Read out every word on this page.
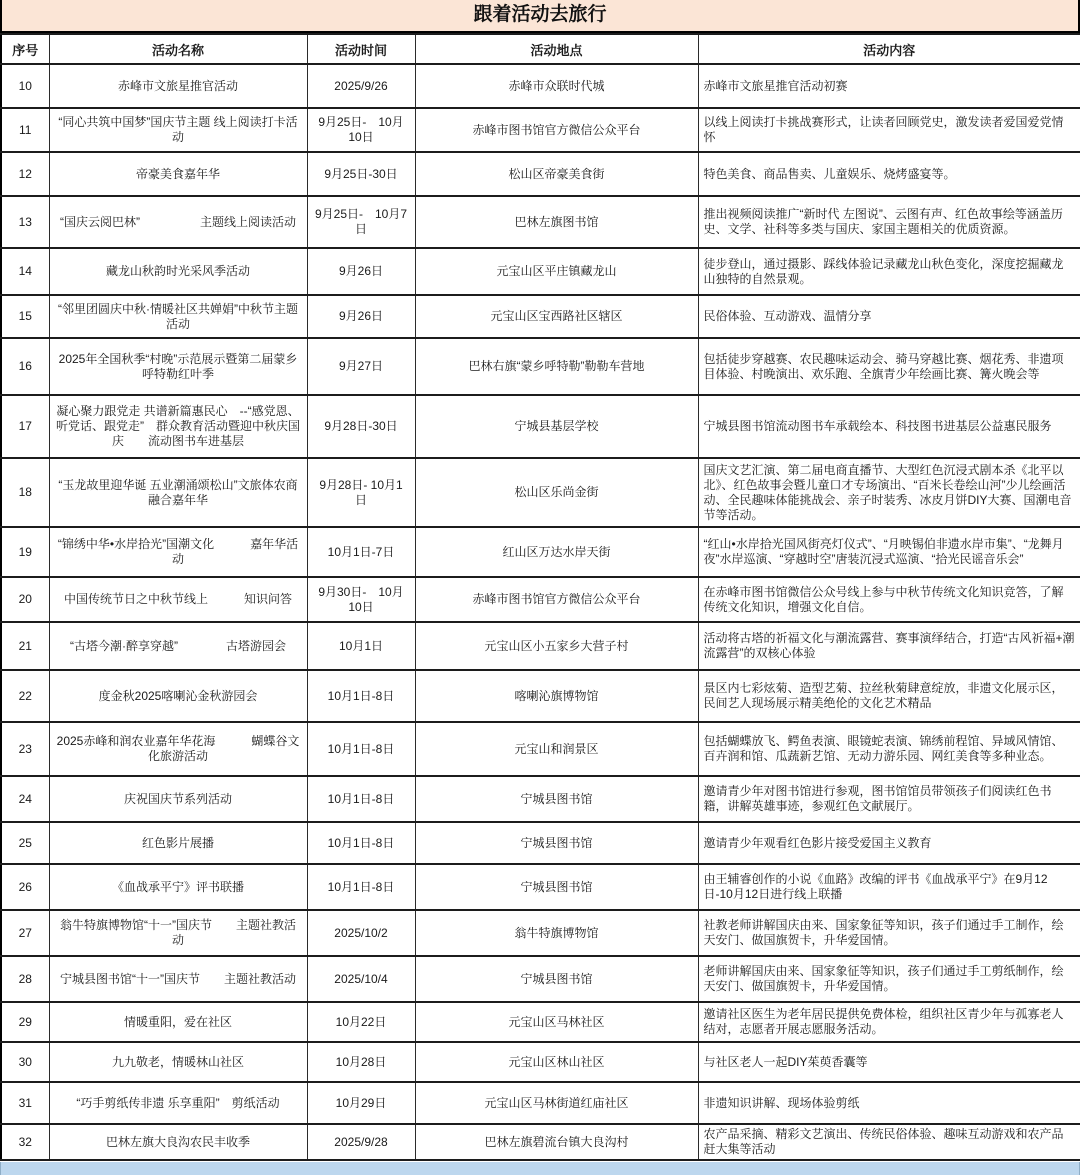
跟着活动去旅行
序号	活动名称	活动时间	活动地点	活动内容
10	赤峰市文旅星推官活动	2025/9/26	赤峰市众联时代城	赤峰市文旅星推官活动初赛
11	“同心共筑中国梦”国庆节主题 线上阅读打卡活动	9月25日-　10月10日	赤峰市图书馆官方微信公众平台	以线上阅读打卡挑战赛形式，让读者回顾党史，激发读者爱国爱党情怀
12	帝豪美食嘉年华	9月25日-30日	松山区帝豪美食街	特色美食、商品售卖、儿童娱乐、烧烤盛宴等。
13	“国庆云阅巴林”　　　　　主题线上阅读活动	9月25日-　10月7日	巴林左旗图书馆	推出视频阅读推广“新时代 左图说”、云图有声、红色故事绘等涵盖历史、文学、社科等多类与国庆、家国主题相关的优质资源。
14	藏龙山秋韵时光采风季活动	9月26日	元宝山区平庄镇藏龙山	徒步登山，通过摄影、踩线体验记录藏龙山秋色变化，深度挖掘藏龙山独特的自然景观。
15	“邻里团圆庆中秋·情暖社区共婵娟”中秋节主题活动	9月26日	元宝山区宝西路社区辖区	民俗体验、互动游戏、温情分享
16	2025年全国秋季“村晚”示范展示暨第二届蒙乡呼特勒红叶季	9月27日	巴林右旗“蒙乡呼特勒”勒勒车营地	包括徒步穿越赛、农民趣味运动会、骑马穿越比赛、烟花秀、非遗项目体验、村晚演出、欢乐跑、全旗青少年绘画比赛、篝火晚会等
17	凝心聚力跟党走 共谱新篇惠民心　--“感党恩、听党话、跟党走”　群众教育活动暨迎中秋庆国庆　　流动图书车进基层	9月28日-30日	宁城县基层学校	宁城县图书馆流动图书车承载绘本、科技图书进基层公益惠民服务
18	“玉龙故里迎华诞 五业潮涌颂松山”文旅体农商融合嘉年华	9月28日- 10月1日	松山区乐尚金街	国庆文艺汇演、第二届电商直播节、大型红色沉浸式剧本杀《北平以北》、红色故事会暨儿童口才专场演出、“百米长卷绘山河”少儿绘画活动、全民趣味体能挑战会、亲子时装秀、冰皮月饼DIY大赛、国潮电音节等活动。
19	“锦绣中华•水岸拾光”国潮文化　　　嘉年华活动	10月1日-7日	红山区万达水岸天街	“红山•水岸拾光国风街亮灯仪式”、“月映锡伯非遗水岸市集”、“龙舞月夜”水岸巡演、“穿越时空”唐装沉浸式巡演、“拾光民谣音乐会”
20	中国传统节日之中秋节线上　　　知识问答	9月30日-　10月10日	赤峰市图书馆官方微信公众平台	在赤峰市图书馆微信公众号线上参与中秋节传统文化知识竞答，了解传统文化知识，增强文化自信。
21	“古塔今潮·醉享穿越”　　　　古塔游园会	10月1日	元宝山区小五家乡大营子村	活动将古塔的祈福文化与潮流露营、赛事演绎结合，打造“古风祈福+潮流露营”的双核心体验
22	度金秋2025喀喇沁金秋游园会	10月1日-8日	喀喇沁旗博物馆	景区内七彩炫菊、造型艺菊、拉丝秋菊肆意绽放，非遗文化展示区，民间艺人现场展示精美绝伦的文化艺术精品
23	2025赤峰和润农业嘉年华花海　　　蝴蝶谷文化旅游活动	10月1日-8日	元宝山和润景区	包括蝴蝶放飞、鳄鱼表演、眼镜蛇表演、锦绣前程馆、异域风情馆、百卉润和馆、瓜蔬新艺馆、无动力游乐园、网红美食等多种业态。
24	庆祝国庆节系列活动	10月1日-8日	宁城县图书馆	邀请青少年对图书馆进行参观，图书馆馆员带领孩子们阅读红色书籍，讲解英雄事迹，参观红色文献展厅。
25	红色影片展播	10月1日-8日	宁城县图书馆	邀请青少年观看红色影片接受爱国主义教育
26	《血战承平宁》评书联播	10月1日-8日	宁城县图书馆	由王辅睿创作的小说《血路》改编的评书《血战承平宁》在9月12日-10月12日进行线上联播
27	翁牛特旗博物馆“十一”国庆节　　主题社教活动	2025/10/2	翁牛特旗博物馆	社教老师讲解国庆由来、国家象征等知识，孩子们通过手工制作，绘天安门、做国旗贺卡，升华爱国情。
28	宁城县图书馆“十一”国庆节　　主题社教活动	2025/10/4	宁城县图书馆	老师讲解国庆由来、国家象征等知识，孩子们通过手工剪纸制作，绘天安门、做国旗贺卡，升华爱国情。
29	情暖重阳，爱在社区	10月22日	元宝山区马林社区	邀请社区医生为老年居民提供免费体检，组织社区青少年与孤寡老人结对，志愿者开展志愿服务活动。
30	九九敬老，情暖林山社区	10月28日	元宝山区林山社区	与社区老人一起DIY茱萸香囊等
31	“巧手剪纸传非遗 乐享重阳”　剪纸活动	10月29日	元宝山区马林街道红庙社区	非遗知识讲解、现场体验剪纸
32	巴林左旗大良沟农民丰收季	2025/9/28	巴林左旗碧流台镇大良沟村	农产品采摘、精彩文艺演出、传统民俗体验、趣味互动游戏和农产品赶大集等活动
